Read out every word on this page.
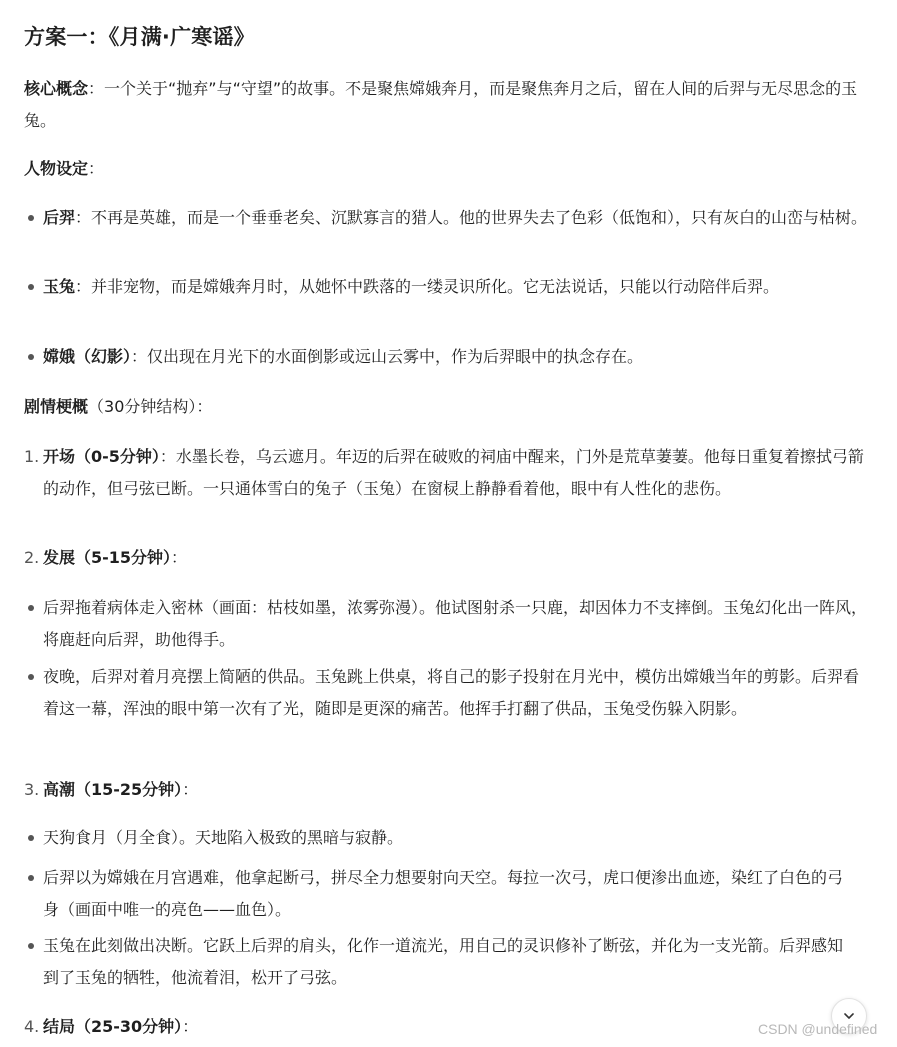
方案一：《月满·广寒谣》

核心概念：一个关于“抛弃”与“守望”的故事。不是聚焦嫦娥奔月，而是聚焦奔月之后，留在人间的后羿与无尽思念的玉兔。

人物设定：

后羿：不再是英雄，而是一个垂垂老矣、沉默寡言的猎人。他的世界失去了色彩（低饱和），只有灰白的山峦与枯树。
玉兔：并非宠物，而是嫦娥奔月时，从她怀中跌落的一缕灵识所化。它无法说话，只能以行动陪伴后羿。
嫦娥（幻影）：仅出现在月光下的水面倒影或远山云雾中，作为后羿眼中的执念存在。

剧情梗概（30分钟结构）：

1. 开场（0-5分钟）：水墨长卷，乌云遮月。年迈的后羿在破败的祠庙中醒来，门外是荒草萋萋。他每日重复着擦拭弓箭的动作，但弓弦已断。一只通体雪白的兔子（玉兔）在窗棂上静静看着他，眼中有人性化的悲伤。
2. 发展（5-15分钟）：
后羿拖着病体走入密林（画面：枯枝如墨，浓雾弥漫）。他试图射杀一只鹿，却因体力不支摔倒。玉兔幻化出一阵风，将鹿赶向后羿，助他得手。
夜晚，后羿对着月亮摆上简陋的供品。玉兔跳上供桌，将自己的影子投射在月光中，模仿出嫦娥当年的剪影。后羿看着这一幕，浑浊的眼中第一次有了光，随即是更深的痛苦。他挥手打翻了供品，玉兔受伤躲入阴影。
3. 高潮（15-25分钟）：
天狗食月（月全食）。天地陷入极致的黑暗与寂静。
后羿以为嫦娥在月宫遇难，他拿起断弓，拼尽全力想要射向天空。每拉一次弓，虎口便渗出血迹，染红了白色的弓身（画面中唯一的亮色——血色）。
玉兔在此刻做出决断。它跃上后羿的肩头，化作一道流光，用自己的灵识修补了断弦，并化为一支光箭。后羿感知到了玉兔的牺牲，他流着泪，松开了弓弦。
4. 结局（25-30分钟）：	CSDN @undefined
